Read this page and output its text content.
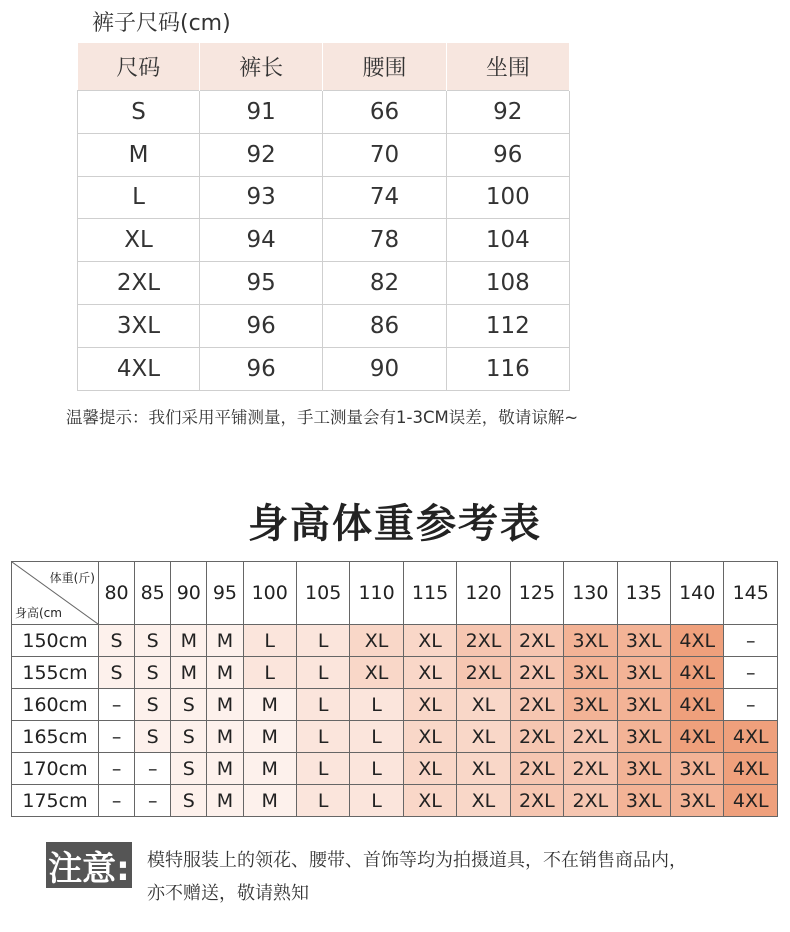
裤子尺码(cm)
尺码	裤长	腰围	坐围
S	91	66	92
M	92	70	96
L	93	74	100
XL	94	78	104
2XL	95	82	108
3XL	96	86	112
4XL	96	90	116
温馨提示：我们采用平铺测量，手工测量会有1-3CM误差，敬请谅解~
身高体重参考表
体重(斤)
身高(cm	80	85	90	95	100	105	110	115	120	125	130	135	140	145
150cm	S	S	M	M	L	L	XL	XL	2XL	2XL	3XL	3XL	4XL	–
155cm	S	S	M	M	L	L	XL	XL	2XL	2XL	3XL	3XL	4XL	–
160cm	–	S	S	M	M	L	L	XL	XL	2XL	3XL	3XL	4XL	–
165cm	–	S	S	M	M	L	L	XL	XL	2XL	2XL	3XL	4XL	4XL
170cm	–	–	S	M	M	L	L	XL	XL	2XL	2XL	3XL	3XL	4XL
175cm	–	–	S	M	M	L	L	XL	XL	2XL	2XL	3XL	3XL	4XL
注意: 模特服装上的领花、腰带、首饰等均为拍摄道具，不在销售商品内，
亦不赠送，敬请熟知
